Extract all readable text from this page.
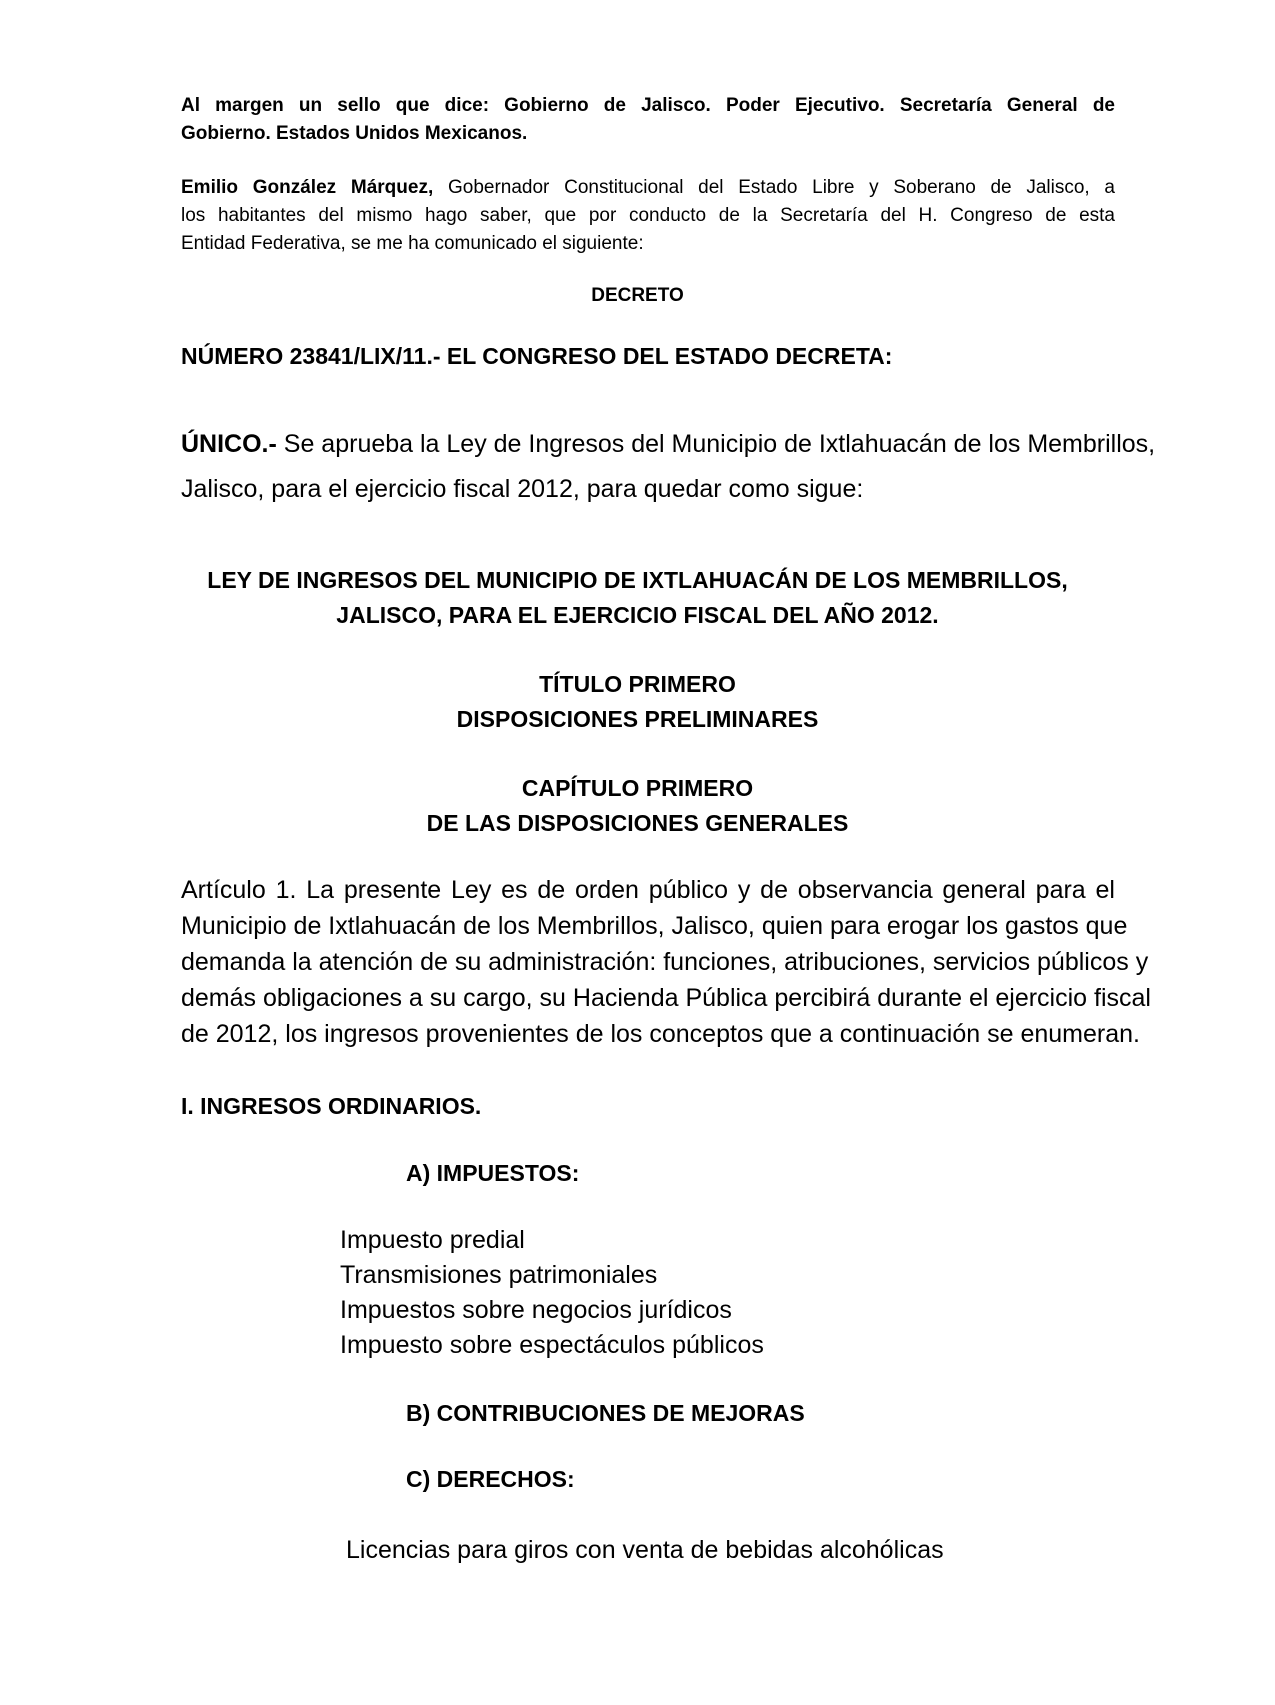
Al margen un sello que dice: Gobierno de Jalisco. Poder Ejecutivo. Secretaría General de
Gobierno. Estados Unidos Mexicanos.
Emilio González Márquez, Gobernador Constitucional del Estado Libre y Soberano de Jalisco, a
los habitantes del mismo hago saber, que por conducto de la Secretaría del H. Congreso de esta
Entidad Federativa, se me ha comunicado el siguiente:
DECRETO
NÚMERO 23841/LIX/11.- EL CONGRESO DEL ESTADO DECRETA:
ÚNICO.- Se aprueba la Ley de Ingresos del Municipio de Ixtlahuacán de los Membrillos,
Jalisco, para el ejercicio fiscal 2012, para quedar como sigue:
LEY DE INGRESOS DEL MUNICIPIO DE IXTLAHUACÁN DE LOS MEMBRILLOS,
JALISCO, PARA EL EJERCICIO FISCAL DEL AÑO 2012.
TÍTULO PRIMERO
DISPOSICIONES PRELIMINARES
CAPÍTULO PRIMERO
DE LAS DISPOSICIONES GENERALES
Artículo 1. La presente Ley es de orden público y de observancia general para el
Municipio de Ixtlahuacán de los Membrillos, Jalisco, quien para erogar los gastos que
demanda la atención de su administración: funciones, atribuciones, servicios públicos y
demás obligaciones a su cargo, su Hacienda Pública percibirá durante el ejercicio fiscal
de 2012, los ingresos provenientes de los conceptos que a continuación se enumeran.
I. INGRESOS ORDINARIOS.
A) IMPUESTOS:
Impuesto predial
Transmisiones patrimoniales
Impuestos sobre negocios jurídicos
Impuesto sobre espectáculos públicos
B) CONTRIBUCIONES DE MEJORAS
C) DERECHOS:
Licencias para giros con venta de bebidas alcohólicas
